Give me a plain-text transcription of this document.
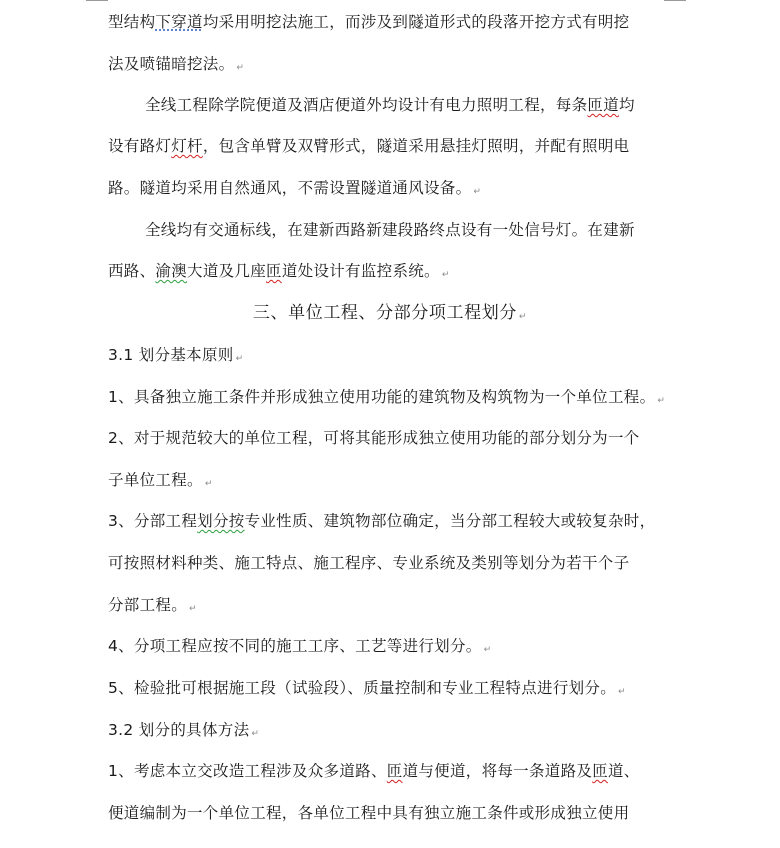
型结构下穿道均采用明挖法施工，而涉及到隧道形式的段落开挖方式有明挖
法及喷锚暗挖法。 ↵
全线工程除学院便道及酒店便道外均设计有电力照明工程，每条匝道均
设有路灯灯杆，包含单臂及双臂形式，隧道采用悬挂灯照明，并配有照明电
路。隧道均采用自然通风，不需设置隧道通风设备。 ↵
全线均有交通标线，在建新西路新建段路终点设有一处信号灯。在建新
西路、渝澳大道及几座匝道处设计有监控系统。 ↵
三、单位工程、分部分项工程划分 ↵
3.1 划分基本原则 ↵
1、具备独立施工条件并形成独立使用功能的建筑物及构筑物为一个单位工程。 ↵
2、对于规范较大的单位工程，可将其能形成独立使用功能的部分划分为一个
子单位工程。 ↵
3、分部工程划分按专业性质、建筑物部位确定，当分部工程较大或较复杂时，
可按照材料种类、施工特点、施工程序、专业系统及类别等划分为若干个子
分部工程。 ↵
4、分项工程应按不同的施工工序、工艺等进行划分。 ↵
5、检验批可根据施工段（试验段）、质量控制和专业工程特点进行划分。 ↵
3.2 划分的具体方法 ↵
1、考虑本立交改造工程涉及众多道路、匝道与便道，将每一条道路及匝道、
便道编制为一个单位工程，各单位工程中具有独立施工条件或形成独立使用
